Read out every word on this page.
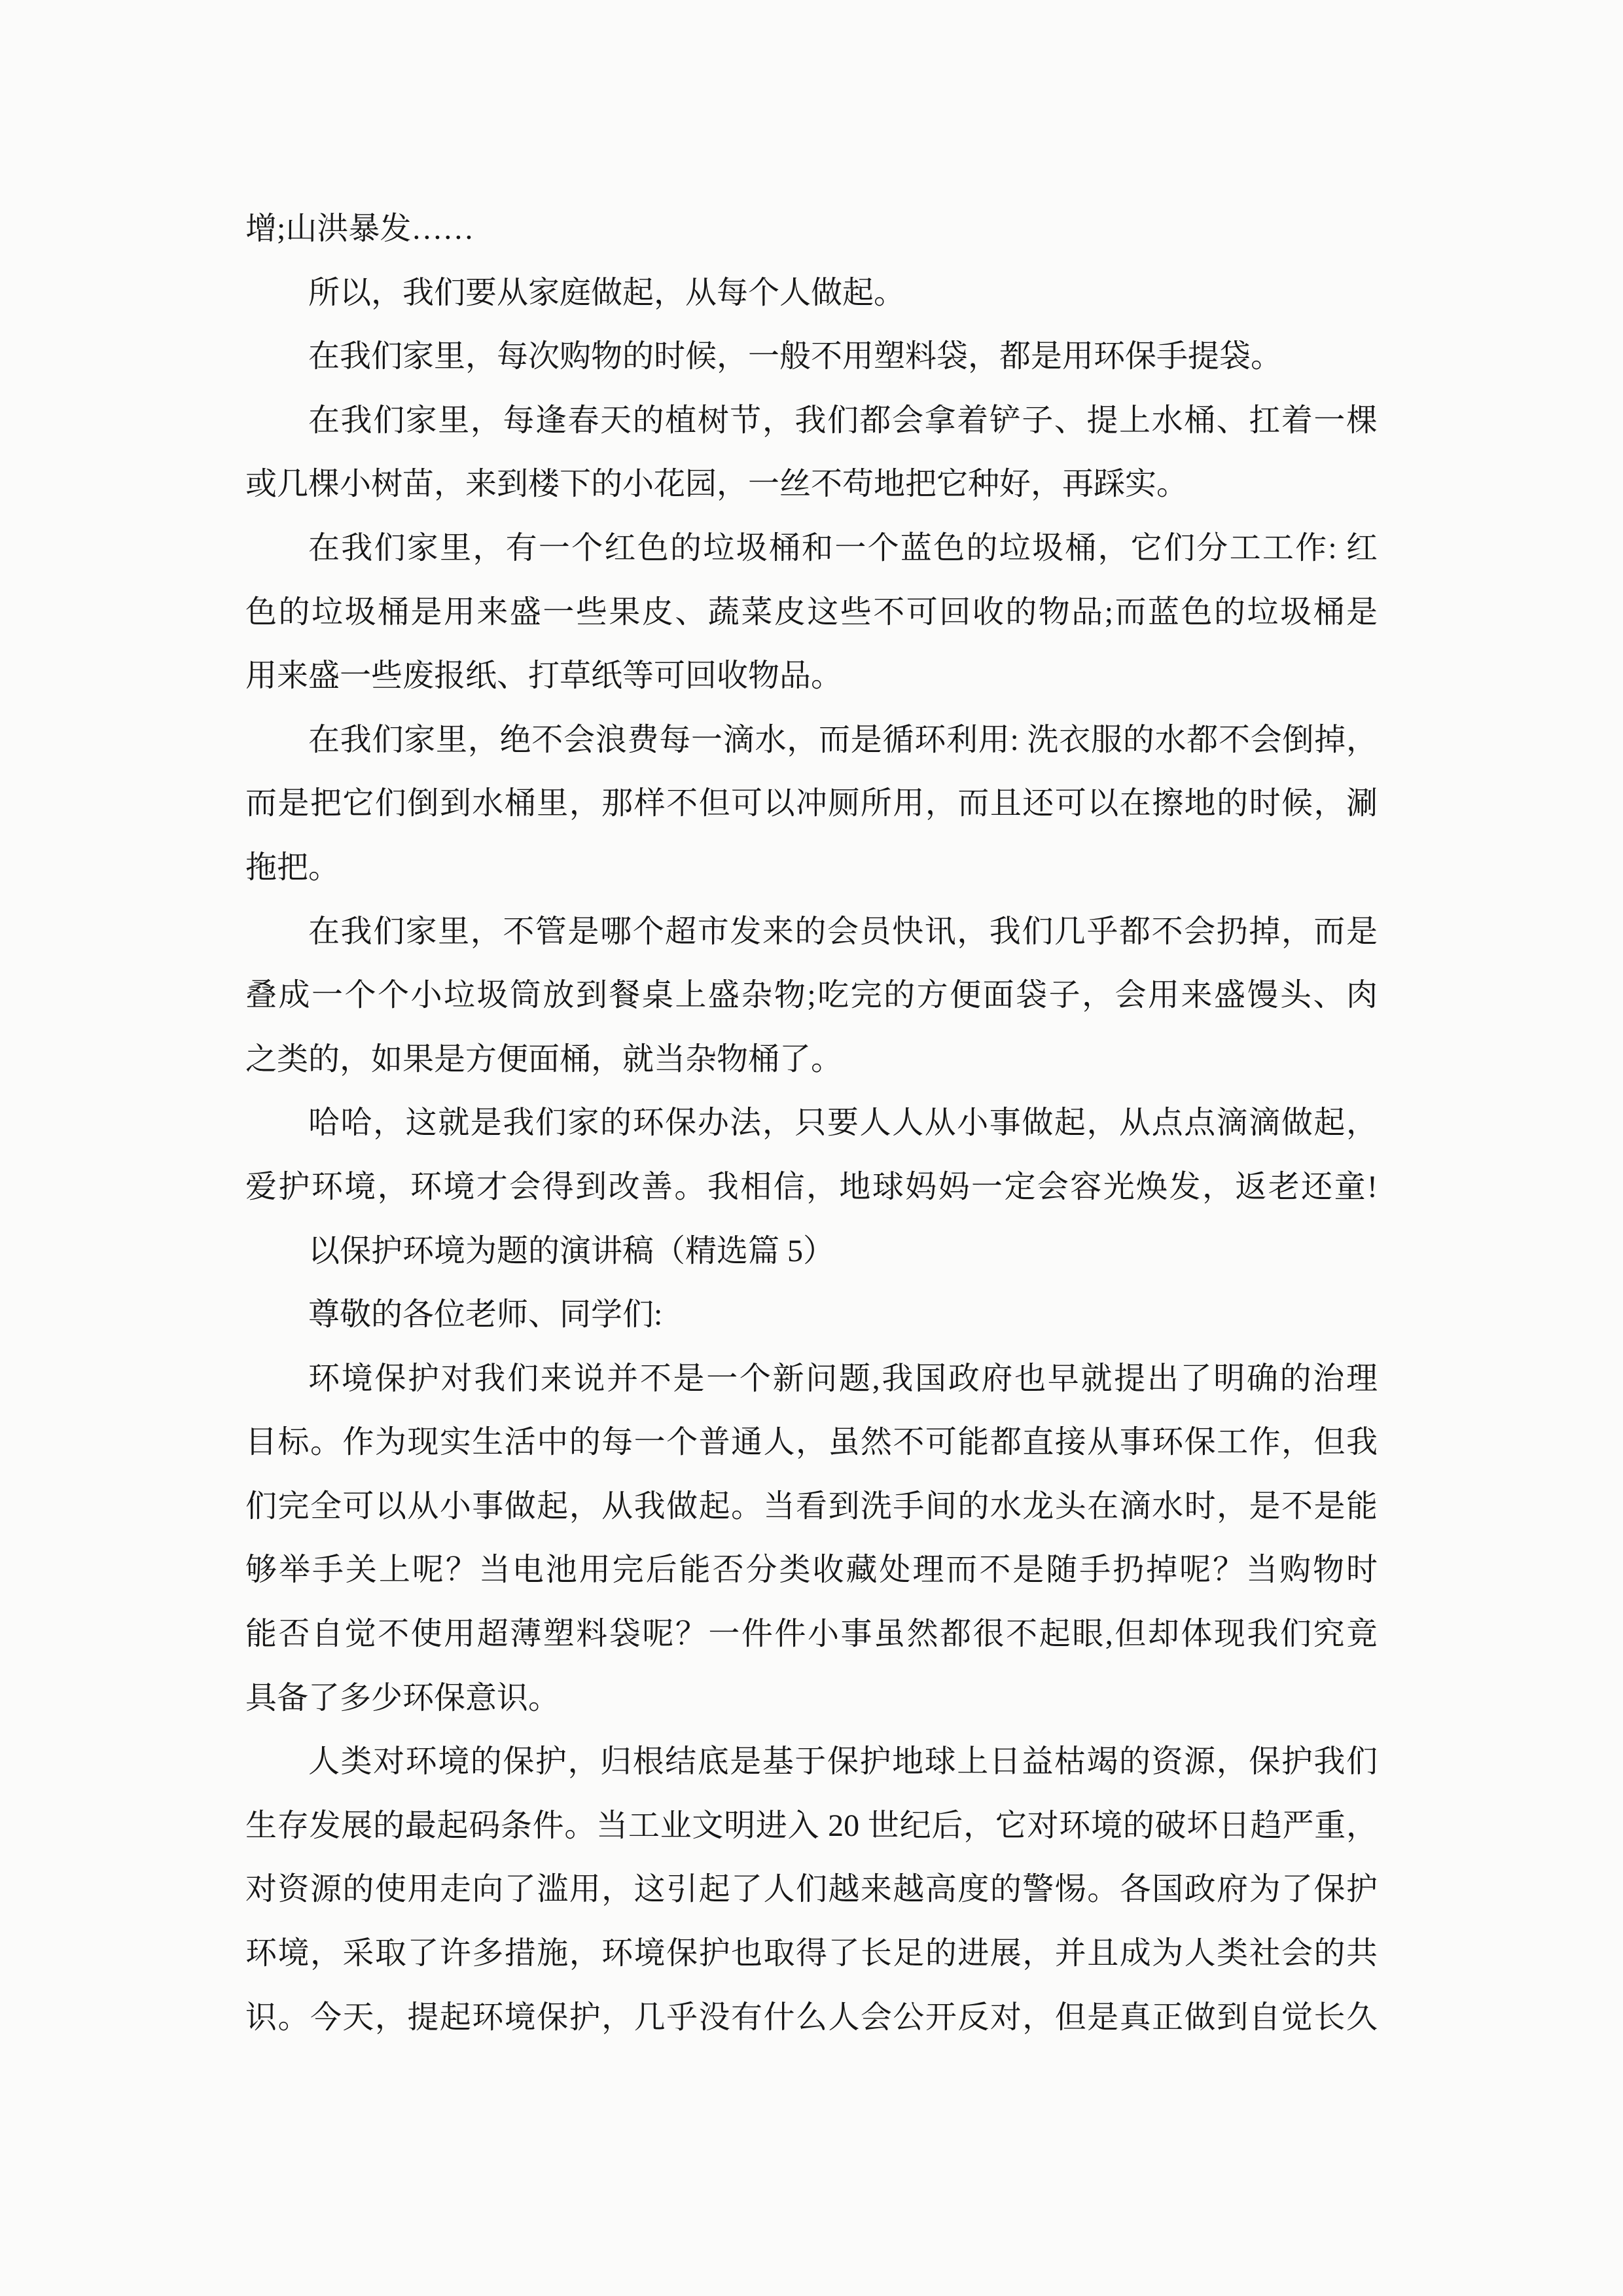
增;山洪暴发……
所以，我们要从家庭做起，从每个人做起。
在我们家里，每次购物的时候，一般不用塑料袋，都是用环保手提袋。
在我们家里，每逢春天的植树节，我们都会拿着铲子、提上水桶、扛着一棵
或几棵小树苗，来到楼下的小花园，一丝不苟地把它种好，再踩实。
在我们家里，有一个红色的垃圾桶和一个蓝色的垃圾桶，它们分工工作: 红
色的垃圾桶是用来盛一些果皮、蔬菜皮这些不可回收的物品;而蓝色的垃圾桶是
用来盛一些废报纸、打草纸等可回收物品。
在我们家里，绝不会浪费每一滴水，而是循环利用: 洗衣服的水都不会倒掉，
而是把它们倒到水桶里，那样不但可以冲厕所用，而且还可以在擦地的时候，涮
拖把。
在我们家里，不管是哪个超市发来的会员快讯，我们几乎都不会扔掉，而是
叠成一个个小垃圾筒放到餐桌上盛杂物;吃完的方便面袋子，会用来盛馒头、肉
之类的，如果是方便面桶，就当杂物桶了。
哈哈，这就是我们家的环保办法，只要人人从小事做起，从点点滴滴做起，
爱护环境，环境才会得到改善。我相信，地球妈妈一定会容光焕发，返老还童!
以保护环境为题的演讲稿（精选篇 5）
尊敬的各位老师、同学们:
环境保护对我们来说并不是一个新问题,我国政府也早就提出了明确的治理
目标。作为现实生活中的每一个普通人，虽然不可能都直接从事环保工作，但我
们完全可以从小事做起，从我做起。当看到洗手间的水龙头在滴水时，是不是能
够举手关上呢？当电池用完后能否分类收藏处理而不是随手扔掉呢？当购物时
能否自觉不使用超薄塑料袋呢？一件件小事虽然都很不起眼,但却体现我们究竟
具备了多少环保意识。
人类对环境的保护，归根结底是基于保护地球上日益枯竭的资源，保护我们
生存发展的最起码条件。当工业文明进入 20 世纪后，它对环境的破坏日趋严重，
对资源的使用走向了滥用，这引起了人们越来越高度的警惕。各国政府为了保护
环境，采取了许多措施，环境保护也取得了长足的进展，并且成为人类社会的共
识。今天，提起环境保护，几乎没有什么人会公开反对，但是真正做到自觉长久
